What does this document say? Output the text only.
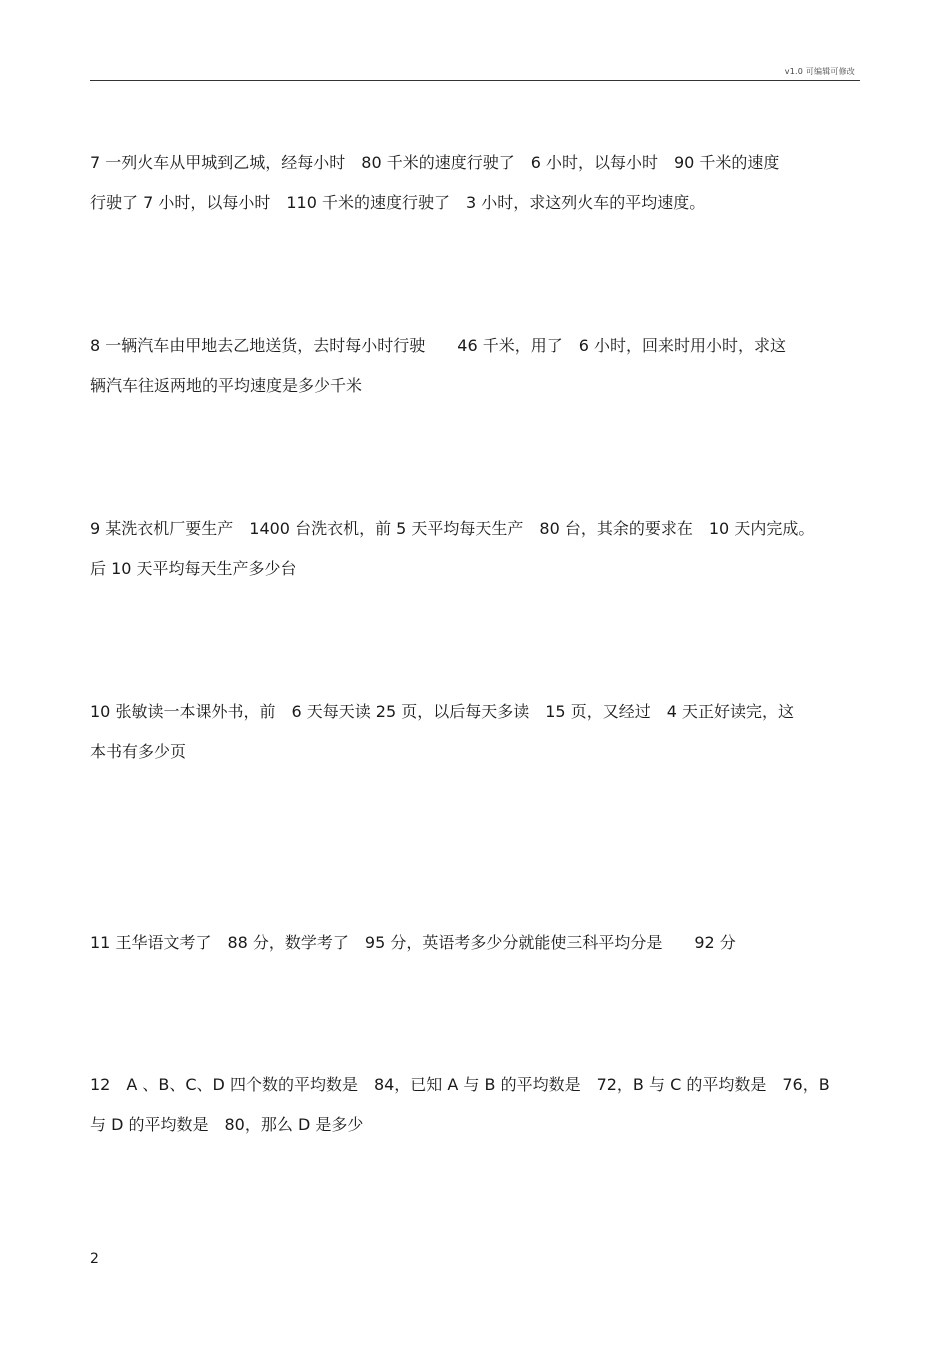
v1.0 可编辑可修改
7 一列火车从甲城到乙城，经每小时　80 千米的速度行驶了　6 小时，以每小时　90 千米的速度
行驶了 7 小时，以每小时　110 千米的速度行驶了　3 小时，求这列火车的平均速度。
8 一辆汽车由甲地去乙地送货，去时每小时行驶　　46 千米，用了　6 小时，回来时用小时，求这
辆汽车往返两地的平均速度是多少千米
9 某洗衣机厂要生产　1400 台洗衣机，前 5 天平均每天生产　80 台，其余的要求在　10 天内完成。
后 10 天平均每天生产多少台
10 张敏读一本课外书，前　6 天每天读 25 页，以后每天多读　15 页，又经过　4 天正好读完，这
本书有多少页
11 王华语文考了　88 分，数学考了　95 分，英语考多少分就能使三科平均分是　　92 分
12　A 、B、C、D 四个数的平均数是　84，已知 A 与 B 的平均数是　72，B 与 C 的平均数是　76，B
与 D 的平均数是　80，那么 D 是多少
2
